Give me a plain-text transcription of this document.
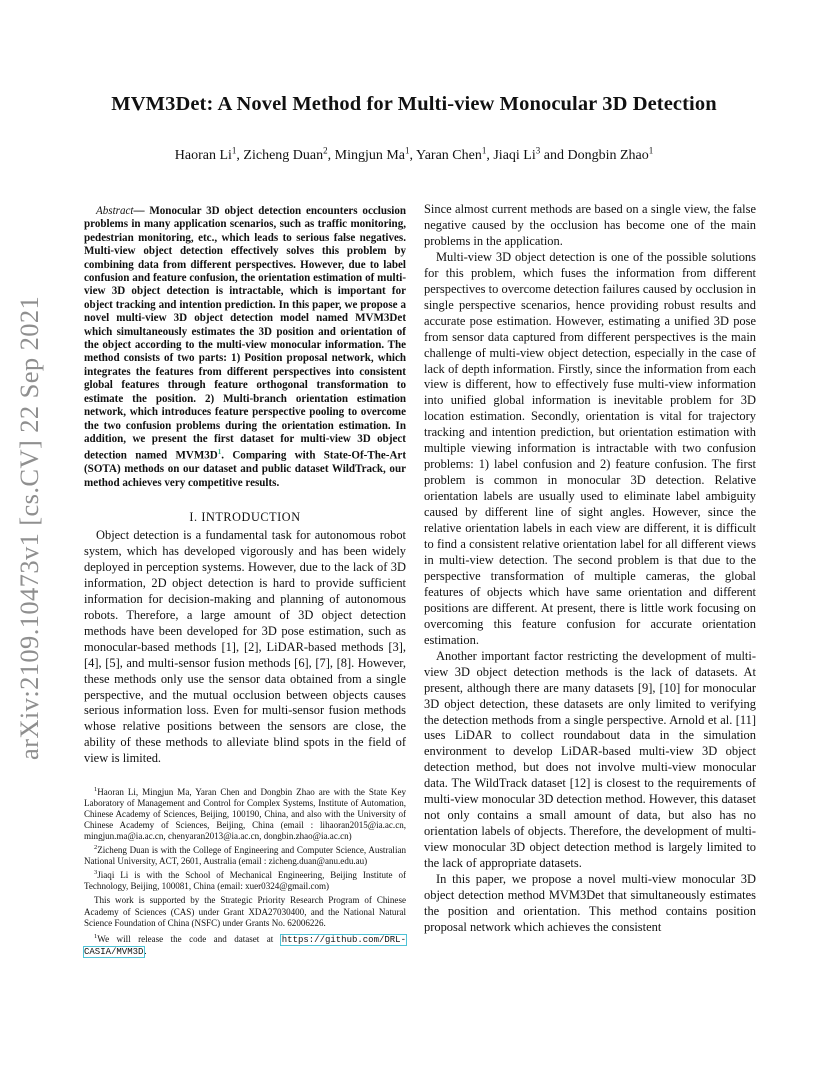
MVM3Det: A Novel Method for Multi-view Monocular 3D Detection
Haoran Li$^1$, Zicheng Duan$^2$, Mingjun Ma$^1$, Yaran Chen$^1$, Jiaqi Li$^3$ and Dongbin Zhao$^1$
arXiv:2109.10473v1 [cs.CV] 22 Sep 2021

Abstract— Monocular 3D object detection encounters occlusion problems in many application scenarios, such as traffic monitoring, pedestrian monitoring, etc., which leads to serious false negatives. Multi-view object detection effectively solves this problem by combining data from different perspectives. However, due to label confusion and feature confusion, the orientation estimation of multi-view 3D object detection is intractable, which is important for object tracking and intention prediction. In this paper, we propose a novel multi-view 3D object detection model named MVM3Det which simultaneously estimates the 3D position and orientation of the object according to the multi-view monocular information. The method consists of two parts: 1) Position proposal network, which integrates the features from different perspectives into consistent global features through feature orthogonal transformation to estimate the position. 2) Multi-branch orientation estimation network, which introduces feature perspective pooling to overcome the two confusion problems during the orientation estimation. In addition, we present the first dataset for multi-view 3D object detection named $MVM3D^1$. Comparing with State-Of-The-Art (SOTA) methods on our dataset and public dataset WildTrack, our method achieves very competitive results.

I. INTRODUCTION

Object detection is a fundamental task for autonomous robot system, which has developed vigorously and has been widely deployed in perception systems. However, due to the lack of 3D information, 2D object detection is hard to provide sufficient information for decision-making and planning of autonomous robots. Therefore, a large amount of 3D object detection methods have been developed for 3D pose estimation, such as monocular-based methods [1], [2], LiDAR-based methods [3], [4], [5], and multi-sensor fusion methods [6], [7], [8]. However, these methods only use the sensor data obtained from a single perspective, and the mutual occlusion between objects causes serious information loss. Even for multi-sensor fusion methods whose relative positions between the sensors are close, the ability of these methods to alleviate blind spots in the field of view is limited.

$^1$Haoran Li, Mingjun Ma, Yaran Chen and Dongbin Zhao are with the State Key Laboratory of Management and Control for Complex Systems, Institute of Automation, Chinese Academy of Sciences, Beijing, 100190, China, and also with the University of Chinese Academy of Sciences, Beijing, China (email : lihaoran2015@ia.ac.cn, mingjun.ma@ia.ac.cn, chenyaran2013@ia.ac.cn, dongbin.zhao@ia.ac.cn)

$^2$Zicheng Duan is with the College of Engineering and Computer Science, Australian National University, ACT, 2601, Australia (email : zicheng.duan@anu.edu.au)

$^3$Jiaqi Li is with the School of Mechanical Engineering, Beijing Institute of Technology, Beijing, 100081, China (email: xuer0324@gmail.com)

This work is supported by the Strategic Priority Research Program of Chinese Academy of Sciences (CAS) under Grant XDA27030400, and the National Natural Science Foundation of China (NSFC) under Grants No. 62006226.

$^1$We will release the code and dataset at https://github.com/DRL-CASIA/MVM3D.

Since almost current methods are based on a single view, the false negative caused by the occlusion has become one of the main problems in the application.

Multi-view 3D object detection is one of the possible solutions for this problem, which fuses the information from different perspectives to overcome detection failures caused by occlusion in single perspective scenarios, hence providing robust results and accurate pose estimation. However, estimating a unified 3D pose from sensor data captured from different perspectives is the main challenge of multi-view object detection, especially in the case of lack of depth information. Firstly, since the information from each view is different, how to effectively fuse multi-view information into unified global information is inevitable problem for 3D location estimation. Secondly, orientation is vital for trajectory tracking and intention prediction, but orientation estimation with multiple viewing information is intractable with two confusion problems: 1) label confusion and 2) feature confusion. The first problem is common in monocular 3D detection. Relative orientation labels are usually used to eliminate label ambiguity caused by different line of sight angles. However, since the relative orientation labels in each view are different, it is difficult to find a consistent relative orientation label for all different views in multi-view detection. The second problem is that due to the perspective transformation of multiple cameras, the global features of objects which have same orientation and different positions are different. At present, there is little work focusing on overcoming this feature confusion for accurate orientation estimation.

Another important factor restricting the development of multi-view 3D object detection methods is the lack of datasets. At present, although there are many datasets [9], [10] for monocular 3D object detection, these datasets are only limited to verifying the detection methods from a single perspective. Arnold et al. [11] uses LiDAR to collect roundabout data in the simulation environment to develop LiDAR-based multi-view 3D object detection method, but does not involve multi-view monocular data. The WildTrack dataset [12] is closest to the requirements of multi-view monocular 3D detection method. However, this dataset not only contains a small amount of data, but also has no orientation labels of objects. Therefore, the development of multi-view monocular 3D object detection method is largely limited to the lack of appropriate datasets.

In this paper, we propose a novel multi-view monocular 3D object detection method MVM3Det that simultaneously estimates the position and orientation. This method contains position proposal network which achieves the consistent
